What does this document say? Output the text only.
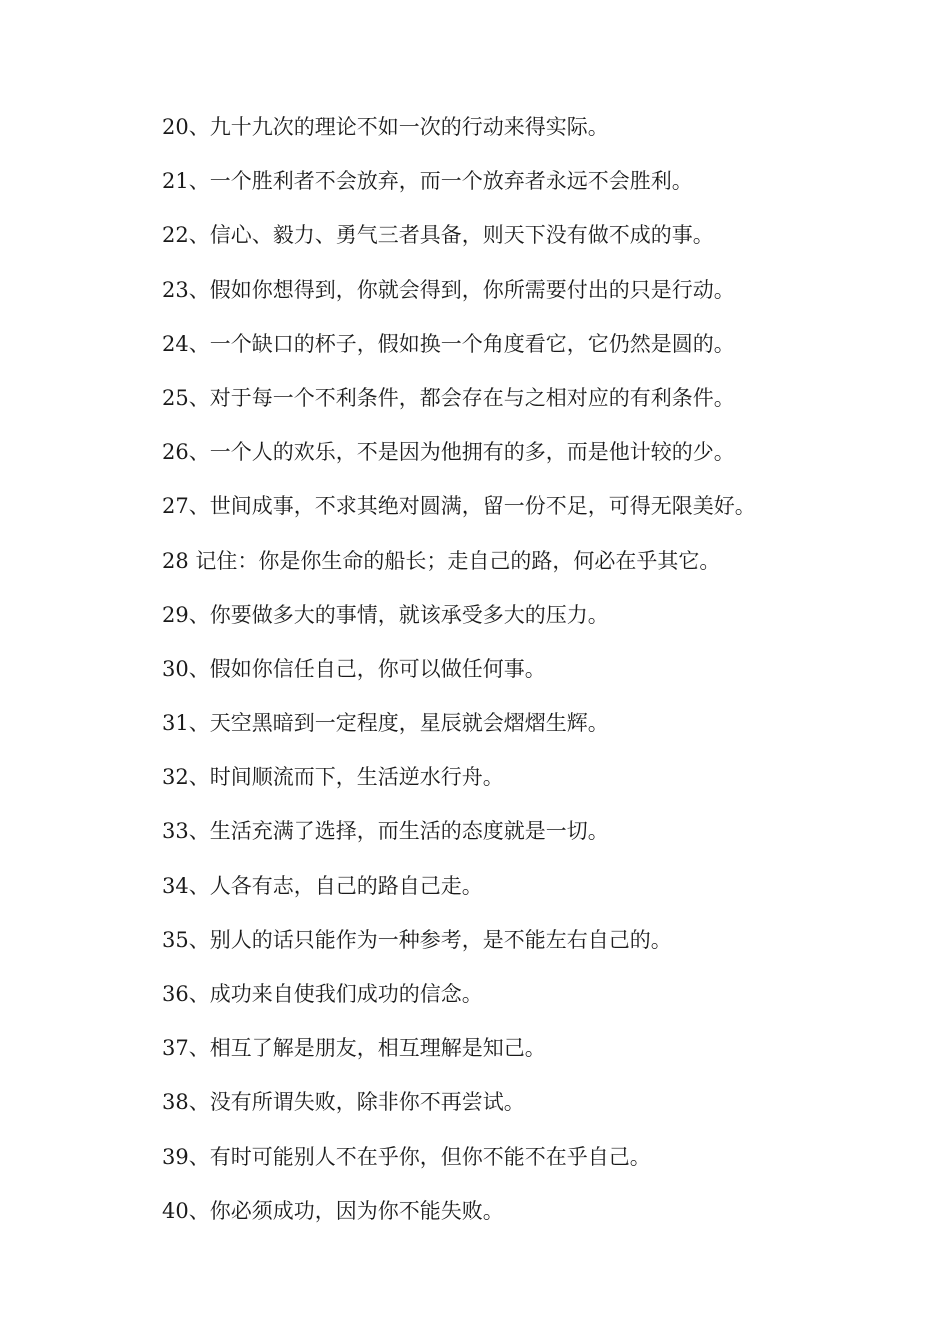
20、九十九次的理论不如一次的行动来得实际。
21、一个胜利者不会放弃，而一个放弃者永远不会胜利。
22、信心、毅力、勇气三者具备，则天下没有做不成的事。
23、假如你想得到，你就会得到，你所需要付出的只是行动。
24、一个缺口的杯子，假如换一个角度看它，它仍然是圆的。
25、对于每一个不利条件，都会存在与之相对应的有利条件。
26、一个人的欢乐，不是因为他拥有的多，而是他计较的少。
27、世间成事，不求其绝对圆满，留一份不足，可得无限美好。
28 记住：你是你生命的船长；走自己的路，何必在乎其它。
29、你要做多大的事情，就该承受多大的压力。
30、假如你信任自己，你可以做任何事。
31、天空黑暗到一定程度，星辰就会熠熠生辉。
32、时间顺流而下，生活逆水行舟。
33、生活充满了选择，而生活的态度就是一切。
34、人各有志，自己的路自己走。
35、别人的话只能作为一种参考，是不能左右自己的。
36、成功来自使我们成功的信念。
37、相互了解是朋友，相互理解是知己。
38、没有所谓失败，除非你不再尝试。
39、有时可能别人不在乎你，但你不能不在乎自己。
40、你必须成功，因为你不能失败。
